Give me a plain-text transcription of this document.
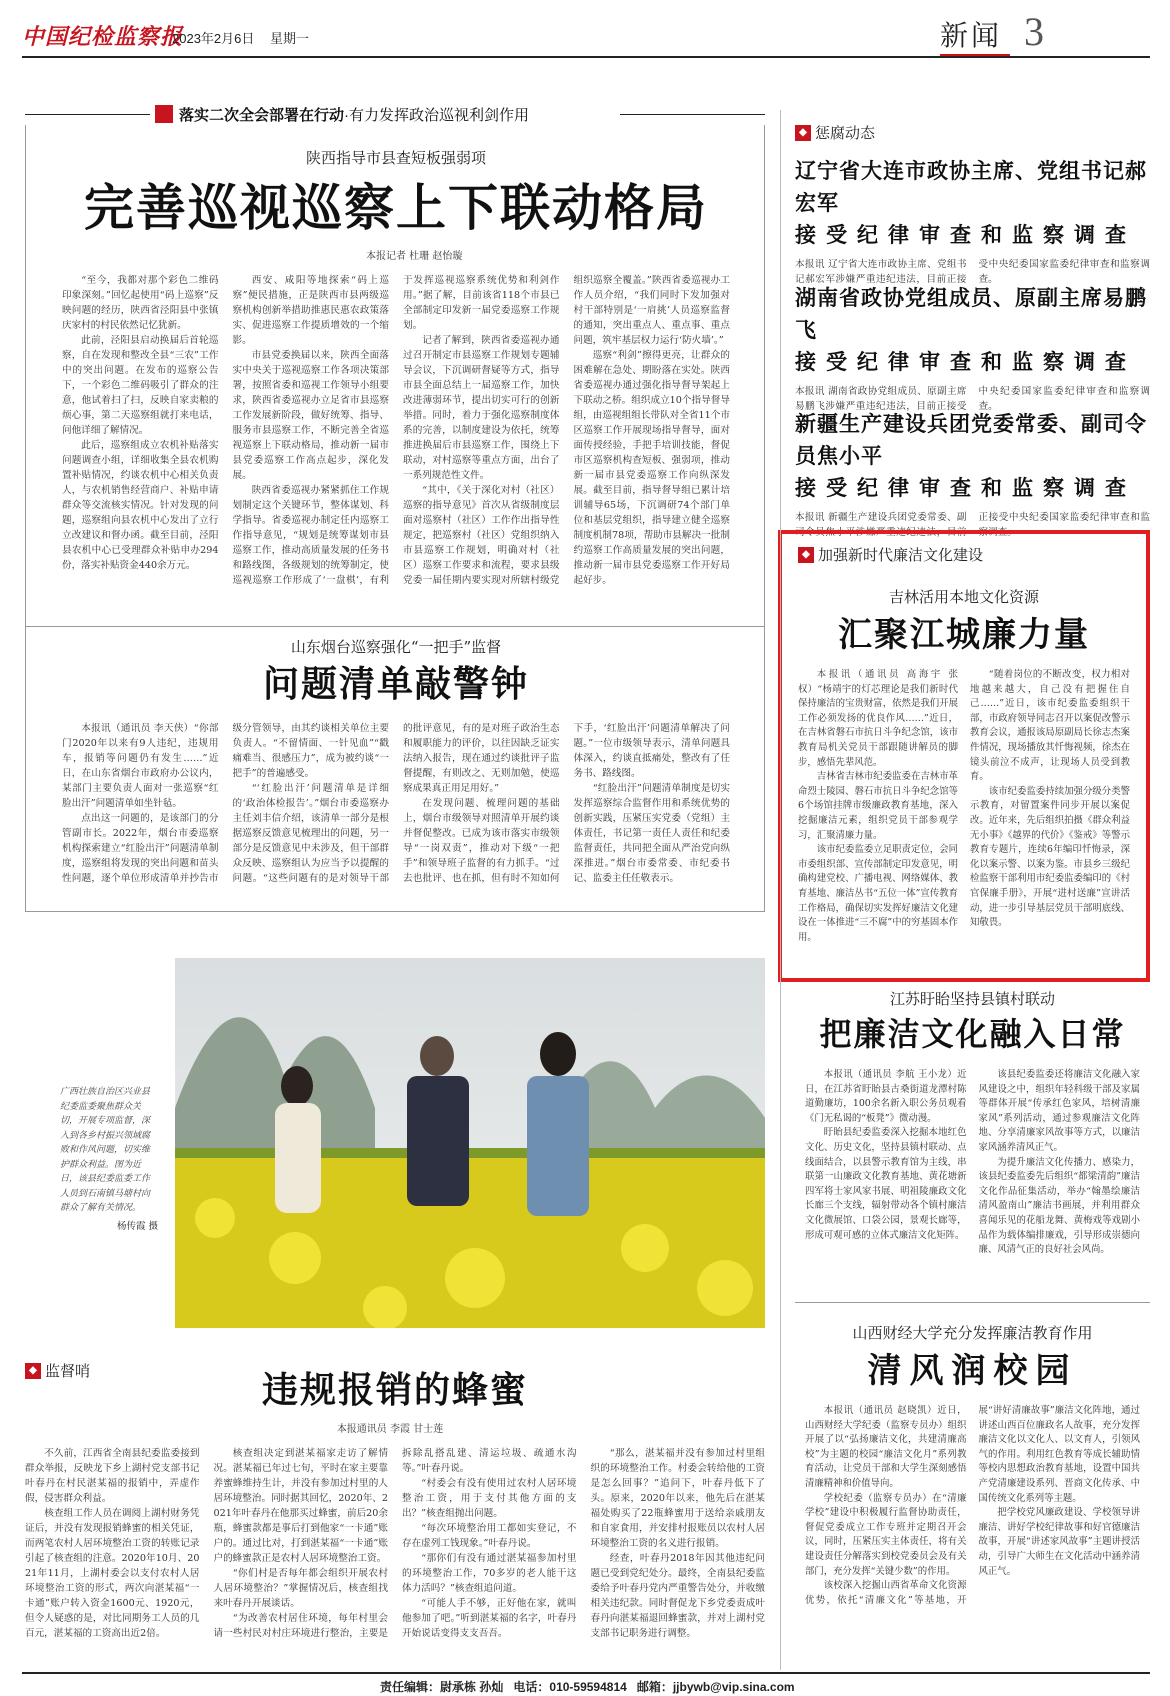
中国纪检监察报
2023年2月6日 星期一	新闻 3
落实二次全会部署在行动·有力发挥政治巡视利剑作用
陕西指导市县查短板强弱项
完善巡视巡察上下联动格局
本报记者 杜珊 赵怡璇

“至今，我都对那个彩色二维码印象深刻。”回忆起使用“码上巡察”反映问题的经历，陕西省泾阳县中张镇庆家村的村民依然记忆犹新。

此前，泾阳县启动换届后首轮巡察，自在发现和整改全县“三农”工作中的突出问题。在发布的巡察公告下，一个彩色二维码吸引了群众的注意，他试着扫了扫，反映自家卖粮的烦心事，第二天巡察组就打来电话，问他详细了解情况。

此后，巡察组成立农机补贴落实问题调查小组，详细收集全县农机购置补贴情况，约谈农机中心相关负责人，与农机销售经营商户、补贴申请群众等交流核实情况。针对发现的问题，巡察组向县农机中心发出了立行立改建议和督办函。截至目前，泾阳县农机中心已受理群众补贴申办294份，落实补贴资金440余万元。

西安、咸阳等地探索“码上巡察”便民措施，正是陕西市县两级巡察机构创新举措助推惠民惠农政策落实、促进巡察工作提质增效的一个缩影。

市县党委换届以来，陕西全面落实中央关于巡视巡察工作各项决策部署，按照省委和巡视工作领导小组要求，陕西省委巡视办立足省市县巡察工作发展新阶段，做好统筹、指导、服务市县巡察工作，不断完善全省巡视巡察上下联动格局，推动新一届市县党委巡察工作高点起步，深化发展。

陕西省委巡视办紧紧抓住工作规划制定这个关键环节，整体谋划、科学指导。省委巡视办制定任内巡察工作指导意见，“规划是统筹谋划市县巡察工作，推动高质量发展的任务书和路线图，各级规划的统筹制定，使巡视巡察工作形成了‘一盘棋’，有利于发挥巡视巡察系统优势和利剑作用。”据了解，目前该省118个市县已全部制定印发新一届党委巡察工作规划。

记者了解到，陕西省委巡视办通过召开制定市县巡察工作规划专题辅导会议，下沉调研督疑等方式，指导市县全面总结上一届巡察工作，加快改进薄弱环节，提出切实可行的创新举措。同时，着力于强化巡察制度体系的完善，以制度建设为依托，统筹推进换届后市县巡察工作，围绕上下联动，对村巡察等重点方面，出台了一系列规范性文件。

“其中，《关于深化对村（社区）巡察的指导意见》首次从省级制度层面对巡察村（社区）工作作出指导性规定，把巡察村（社区）党组织纳入市县巡察工作规划，明确对村（社区）巡察工作要求和流程，要求县级党委一届任期内要实现对所辖村级党组织巡察全覆盖。”陕西省委巡视办工作人员介绍，“我们同时下发加强对村干部特别是‘一肩挑’人员巡察监督的通知，突出重点人、重点事、重点问题，筑牢基层权力运行‘防火墙’。”

巡察“利剑”擦得更亮，让群众的困难解在急处、期盼落在实处。陕西省委巡视办通过强化指导督导架起上下联动之桥。组织成立10个指导督导组，由巡视组组长带队对全省11个市区巡察工作开展现场指导督导，面对面传授经验，手把手培训技能，督促市区巡察机构查短板、强弱项，推动新一届市县党委巡察工作向纵深发展。截至目前，指导督导组已累计培训辅导65场，下沉调研74个部门单位和基层党组织，指导建立健全巡察制度机制78项，帮助市县解决一批制约巡察工作高质量发展的突出问题，推动新一届市县党委巡察工作开好局起好步。

山东烟台巡察强化“一把手”监督
问题清单敲警钟

本报讯（通讯员 李天侠）“你部门2020年以来有9人违纪，违规用车，报销等问题仍有发生……”近日，在山东省烟台市政府办公议内，某部门主要负责人面对一张巡察“红脸出汗”问题清单如坐针毡。

点出这一问题的，是该部门的分管副市长。2022年，烟台市委巡察机构探索建立“红脸出汗”问题清单制度，巡察组将发现的突出问题和苗头性问题，逐个单位形成清单并抄告市级分管领导，由其约谈相关单位主要负责人。“不留情面、一针见血”“戳痛难当、很感压力”，成为被约谈“一把手”的普遍感受。

“‘红脸出汗’问题清单是详细的‘政治体检报告’。”烟台市委巡察办主任刘丰信介绍，该清单一部分是根据巡察反馈意见梳理出的问题，另一部分是反馈意见中未涉及，但干部群众反映、巡察组认为应当予以提醒的问题。“这些问题有的是对领导干部的批评意见，有的是对班子政治生态和履职能力的评价，以往因缺乏证实法纳入报告，现在通过约谈批评子监督提醒，有则改之、无则加勉，使巡察成果真正用足用好。”

在发现问题、梳理问题的基础上，烟台市级领导对照清单开展约谈并督促整改。已成为该市落实市级领导“一岗双责”，推动对下级“一把手”和领导班子监督的有力抓手。“过去也批评、也在抓，但有时不知如何下手，‘红脸出汗’问题清单解决了问题。”一位市级领导表示，清单问题具体深入，约谈直抵痛处，整改有了任务书、路线图。

“红脸出汗”问题清单制度是切实发挥巡察综合监督作用和系统优势的创新实践，压紧压实党委（党组）主体责任，书记第一责任人责任和纪委监督责任，共同把全面从严治党向纵深推进。”烟台市委常委、市纪委书记、监委主任任敬表示。

广西壮族自治区兴业县纪委监委聚焦群众关切，开展专项监督，深入到各乡村振兴领域腐败和作风问题，切实维护群众利益。图为近日，该县纪委监委工作人员到石南镇马塘村向群众了解有关情况。
杨传霞 摄
◆ 监督哨	违规报销的蜂蜜
本报通讯员 李霞 甘士莲

不久前，江西省全南县纪委监委接到群众举报，反映龙下乡上湖村党支部书记叶春丹在村民湛某福的报销中，弄虚作假，侵害群众利益。

核查组工作人员在调阅上湖村财务凭证后，并没有发现报销蜂蜜的相关凭证，而两笔农村人居环境整治工资的转账记录引起了核查组的注意。2020年10月、2021年11月，上湖村委会以支付农村人居环境整治工资的形式，两次向湛某福“一卡通”账户转入资金1600元、1920元，但令人疑惑的是，对比同期务工人员的几百元，湛某福的工资高出近2倍。

核查组决定到湛某福家走访了解情况。湛某福已年过七旬，平时在家主要靠养蜜蜂维持生计，并没有参加过村里的人居环境整治。同时据其回忆，2020年、2021年叶春丹在他那买过蜂蜜，前后20余瓶，蜂蜜款都是事后打到他家“一卡通”账户的。通过比对，打到湛某福“一卡通”账户的蜂蜜款正是农村人居环境整治工资。

“你们村是否每年都会组织开展农村人居环境整治？”掌握情况后，核查组找来叶春丹开展谈话。

“为改善农村居住环境，每年村里会请一些村民对村庄环境进行整治，主要是拆除乱搭乱建、清运垃圾、疏通水沟等。”叶春丹说。

“村委会有没有使用过农村人居环境整治工资，用于支付其他方面的支出？”核查组抛出问题。

“每次环境整治用工都如实登记，不存在虚列工钱现象。”叶春丹说。

“那你们有没有通过湛某福参加村里的环境整治工作，70多岁的老人能干这体力活吗？”核查组追问道。

“可能人手不够，正好他在家，就叫他参加了吧。”听到湛某福的名字，叶春丹开始说话变得支支吾吾。

“那么，湛某福并没有参加过村里组织的环境整治工作。村委会转给他的工资是怎么回事？”追问下，叶春丹低下了头。原来，2020年以来，他先后在湛某福处购买了22瓶蜂蜜用于送给亲戚朋友和自家食用，并安排村报账员以农村人居环境整治工资的名义进行报销。

经查，叶春丹2018年因其他违纪问题已受到党纪处分。最终，全南县纪委监委给予叶春丹党内严重警告处分，并收缴相关违纪款。同时督促龙下乡党委责成叶春丹向湛某福退回蜂蜜款，并对上湖村党支部书记职务进行调整。

◆ 惩腐动态
辽宁省大连市政协主席、党组书记郝宏军
接受纪律审查和监察调查
本报讯 辽宁省大连市政协主席、党组书记郝宏军涉嫌严重违纪违法，目前正接受中央纪委国家监委纪律审查和监察调查。
湖南省政协党组成员、原副主席易鹏飞
接受纪律审查和监察调查
本报讯 湖南省政协党组成员、原副主席易鹏飞涉嫌严重违纪违法，目前正接受中央纪委国家监委纪律审查和监察调查。
新疆生产建设兵团党委常委、副司令员焦小平
接受纪律审查和监察调查
本报讯 新疆生产建设兵团党委常委、副司令员焦小平涉嫌严重违纪违法，目前正接受中央纪委国家监委纪律审查和监察调查。
◆ 加强新时代廉洁文化建设
吉林活用本地文化资源
汇聚江城廉力量

本报讯（通讯员 高海宇 张权）“杨靖宇的灯芯理论是我们新时代保持廉洁的宝贵财富，依然是我们开展工作必须发扬的优良作风……”近日，在吉林省磐石市抗日斗争纪念馆，该市教育局机关党员干部跟随讲解员的脚步，感悟先辈风范。

吉林省吉林市纪委监委在吉林市革命烈士陵园、磐石市抗日斗争纪念馆等6个场馆挂牌市级廉政教育基地，深入挖掘廉洁元素，组织党员干部参观学习，汇聚清廉力量。

该市纪委监委立足职责定位，会同市委组织部、宣传部制定印发意见，明确构建党校、广播电视、网络媒体、教育基地、廉洁丛书“五位一体”宣传教育工作格局，确保切实发挥好廉洁文化建设在一体推进“三不腐”中的穷基固本作用。

“随着岗位的不断改变，权力相对地越来越大，自己没有把握住自己……”近日，该市纪委监委组织干部，市政府领导同志召开以案促改警示教育会议，通报该局原副局长徐志杰案件情况，现场播放其忏悔视频，徐杰在镜头前泣不成声，让现场人员受到教育。

该市纪委监委持续加强分级分类警示教育，对留置案件同步开展以案促改。近年来，先后组织拍摄《群众利益无小事》《越界的代价》《鉴戒》等警示教育专题片，连续6年编印忏悔录，深化以案示警、以案为鉴。市县乡三级纪检监察干部利用市纪委监委编印的《村官保廉手册》，开展“进村送廉”宣讲活动，进一步引导基层党员干部明底线、知敬畏。

江苏盱眙坚持县镇村联动
把廉洁文化融入日常

本报讯（通讯员 李航 王小龙）近日，在江苏省盱眙县古桑街道龙潭村陈道勤廉坊，100余名新入职公务员观看《门无私谒的“板凳”》微动漫。

盱眙县纪委监委深入挖掘本地红色文化、历史文化，坚持县镇村联动、点线面结合，以县警示教育馆为主线，串联第一山廉政文化教育基地、黄花塘新四军将士家风家书展、明祖陵廉政文化长廊三个支线，辐射带动各个镇村廉洁文化微展馆、口袋公园，景观长廊等，形成可观可感的立体式廉洁文化矩阵。

该县纪委监委还将廉洁文化融入家风建设之中，组织年轻科级干部及家属等群体开展“传承红色家风，培树清廉家风”系列活动，通过参观廉洁文化阵地、分享清廉家风故事等方式，以廉洁家风涵养清风正气。

为提升廉洁文化传播力、感染力，该县纪委监委先后组织“都梁清韵”廉洁文化作品征集活动，举办“翰墨绘廉洁 清风盈南山”廉洁书画展，并利用群众喜闻乐见的花船龙舞、黄梅戏等戏剧小品作为载体编排廉戏，引导形成崇德向廉、风清气正的良好社会风尚。

山西财经大学充分发挥廉洁教育作用
清风润校园

本报讯（通讯员 赵晓凯）近日，山西财经大学纪委（监察专员办）组织开展了以“弘扬廉洁文化，共建清廉高校”为主题的校园“廉洁文化月”系列教育活动，让党员干部和大学生深刻感悟清廉精神和价值导向。

学校纪委（监察专员办）在“清廉学校”建设中积极履行监督协助责任，督促党委成立工作专班并定期召开会议，同时，压紧压实主体责任，将有关建设责任分解落实到校党委员会及有关部门，充分发挥“关键少数”的作用。

该校深入挖掘山西省革命文化资源优势，依托“清廉文化”等基地，开展“讲好清廉故事”廉洁文化阵地，通过讲述山西百位廉政名人故事，充分发挥廉洁文化以文化人、以文育人，引领风气的作用。利用红色教育等成长辅助情等校内思想政治教育基地，设置中国共产党清廉建设系列、晋商文化传承、中国传统文化系列等主题。

把学校党风廉政建设、学校领导讲廉洁、讲好学校纪律故事和好官德廉洁故事，开展“讲述家风故事”主题讲授活动，引导广大师生在文化活动中涵养清风正气。

责任编辑：尉承栋 孙灿 电话：010-59594814 邮箱：jjbywb@vip.sina.com
